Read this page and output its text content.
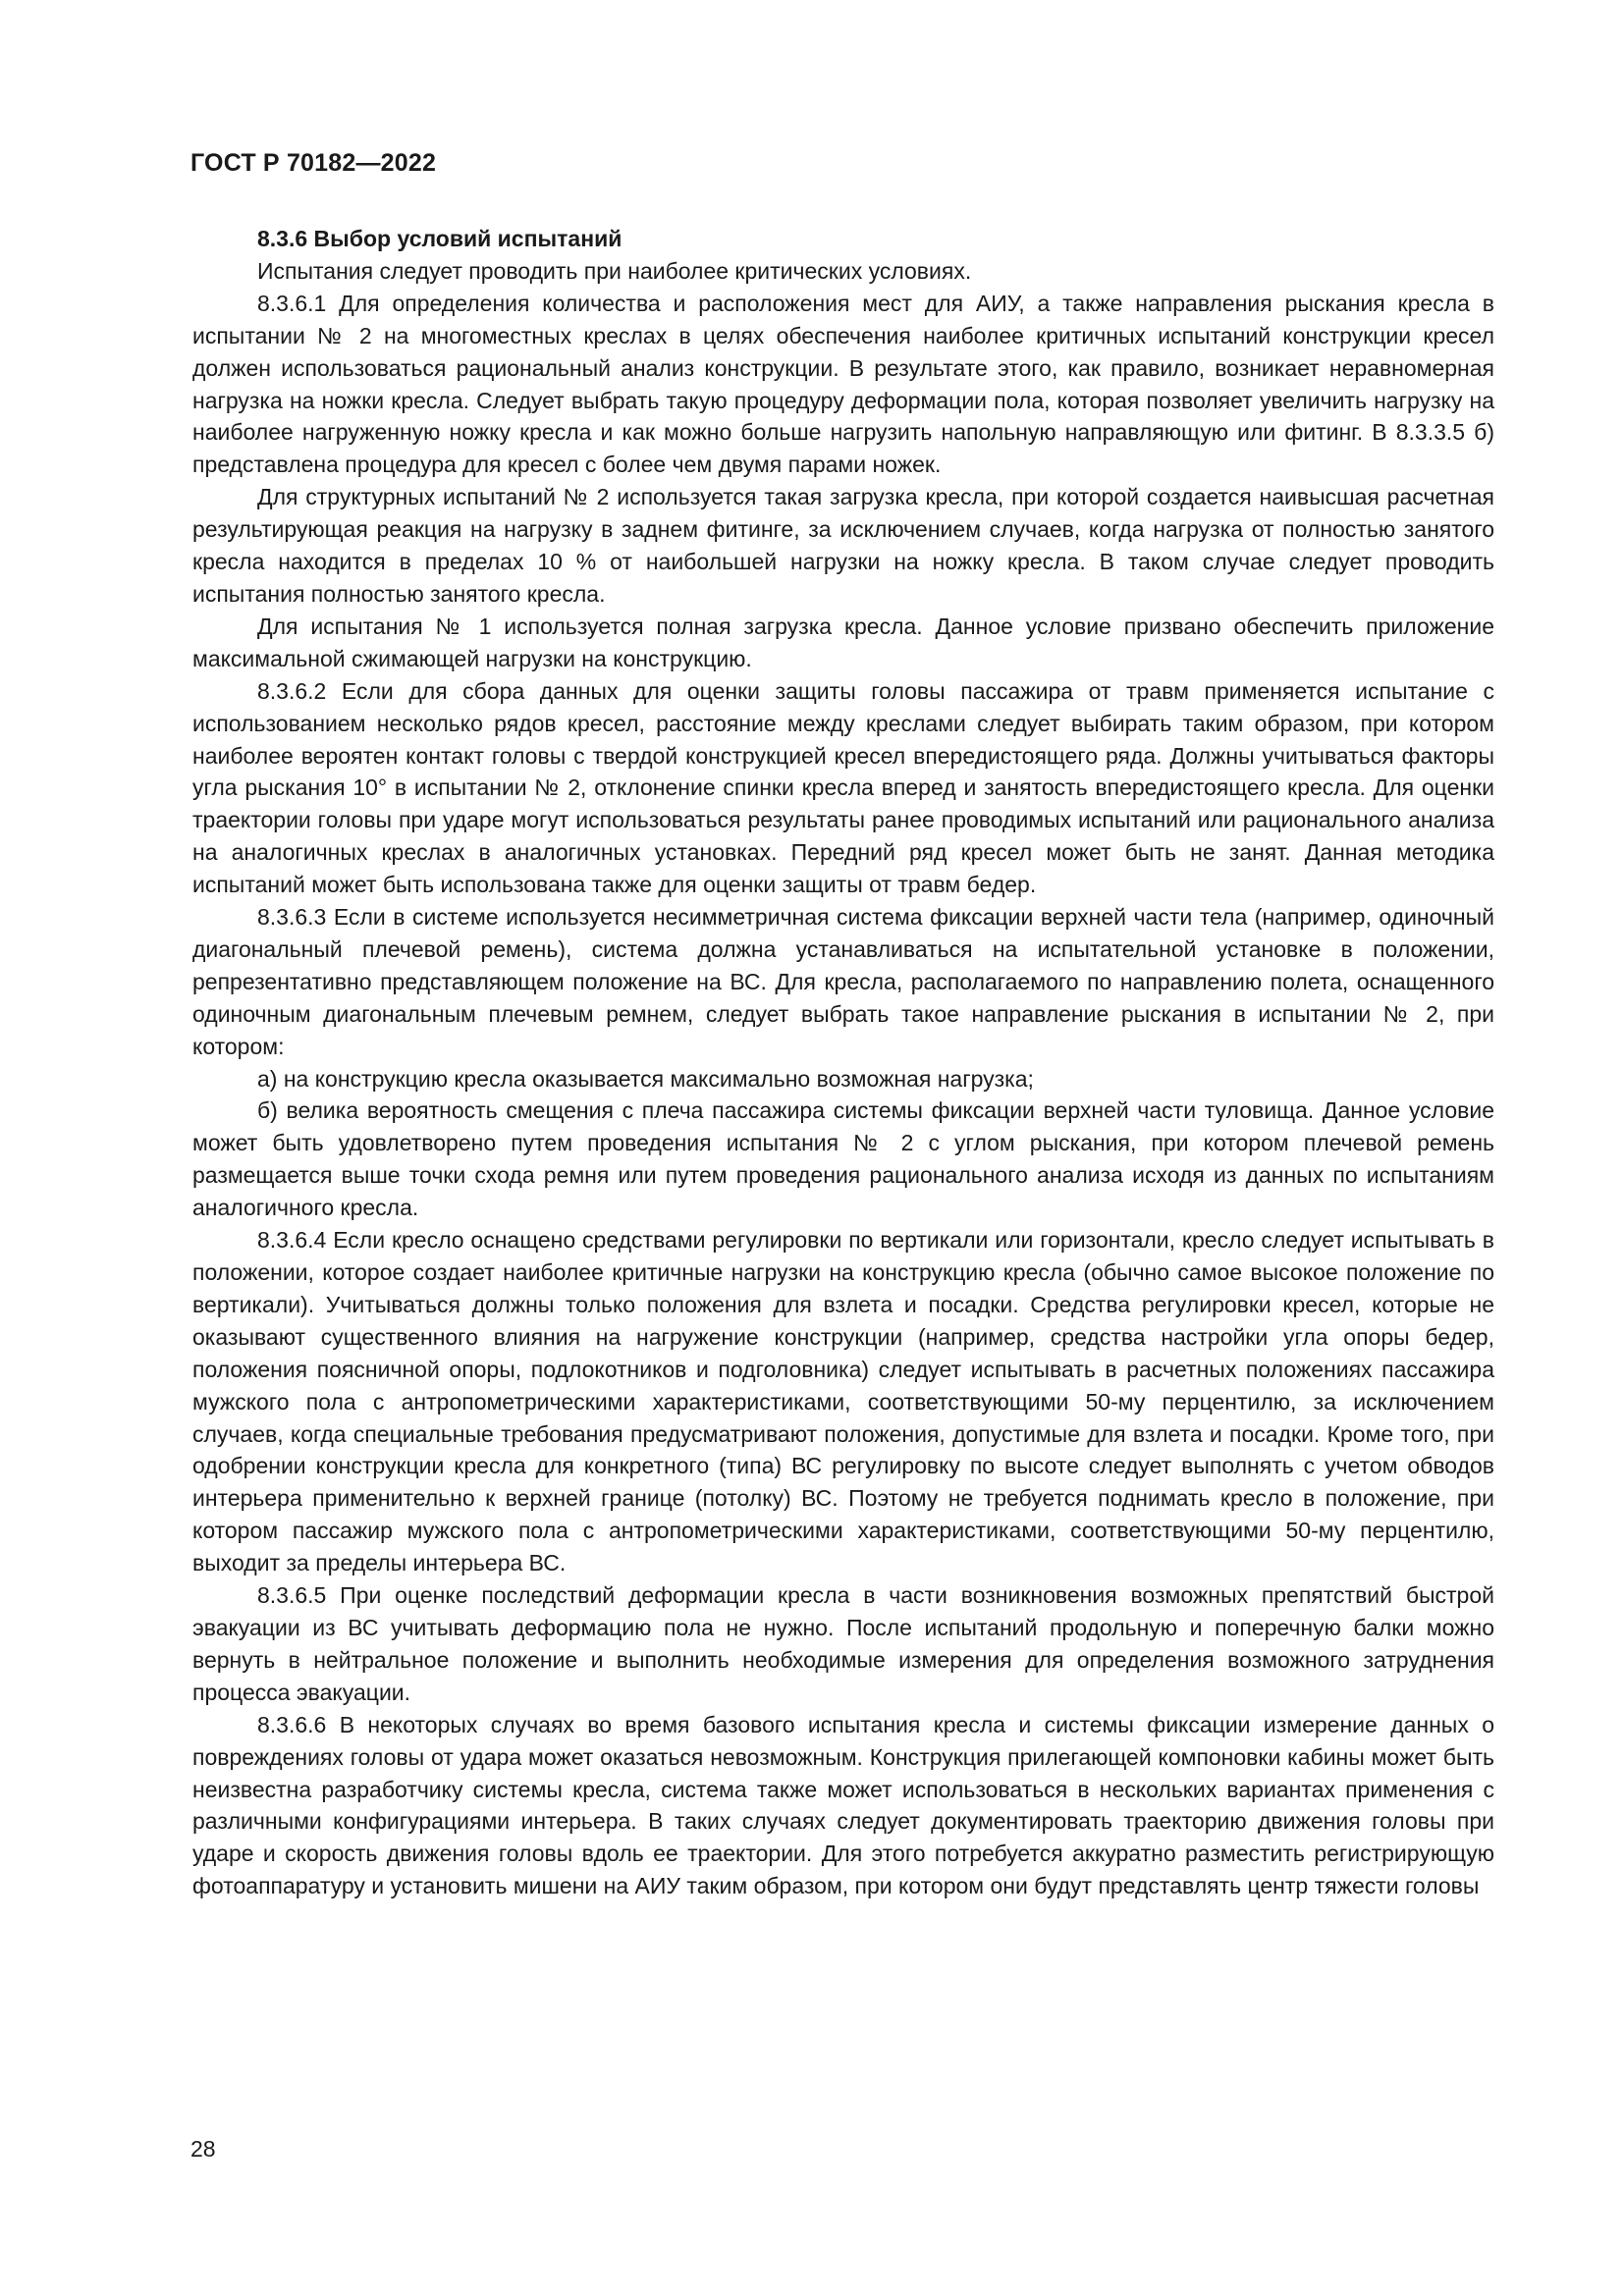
ГОСТ Р 70182—2022

8.3.6 Выбор условий испытаний

Испытания следует проводить при наиболее критических условиях.

8.3.6.1 Для определения количества и расположения мест для АИУ, а также направления рыскания кресла в испытании № 2 на многоместных креслах в целях обеспечения наиболее критичных испытаний конструкции кресел должен использоваться рациональный анализ конструкции. В результате этого, как правило, возникает неравномерная нагрузка на ножки кресла. Следует выбрать такую процедуру деформации пола, которая позволяет увеличить нагрузку на наиболее нагруженную ножку кресла и как можно больше нагрузить напольную направляющую или фитинг. В 8.3.3.5 б) представлена процедура для кресел с более чем двумя парами ножек.

Для структурных испытаний № 2 используется такая загрузка кресла, при которой создается наивысшая расчетная результирующая реакция на нагрузку в заднем фитинге, за исключением случаев, когда нагрузка от полностью занятого кресла находится в пределах 10 % от наибольшей нагрузки на ножку кресла. В таком случае следует проводить испытания полностью занятого кресла.

Для испытания № 1 используется полная загрузка кресла. Данное условие призвано обеспечить приложение максимальной сжимающей нагрузки на конструкцию.

8.3.6.2 Если для сбора данных для оценки защиты головы пассажира от травм применяется испытание с использованием несколько рядов кресел, расстояние между креслами следует выбирать таким образом, при котором наиболее вероятен контакт головы с твердой конструкцией кресел впередистоящего ряда. Должны учитываться факторы угла рыскания 10° в испытании № 2, отклонение спинки кресла вперед и занятость впередистоящего кресла. Для оценки траектории головы при ударе могут использоваться результаты ранее проводимых испытаний или рационального анализа на аналогичных креслах в аналогичных установках. Передний ряд кресел может быть не занят. Данная методика испытаний может быть использована также для оценки защиты от травм бедер.

8.3.6.3 Если в системе используется несимметричная система фиксации верхней части тела (например, одиночный диагональный плечевой ремень), система должна устанавливаться на испытательной установке в положении, репрезентативно представляющем положение на ВС. Для кресла, располагаемого по направлению полета, оснащенного одиночным диагональным плечевым ремнем, следует выбрать такое направление рыскания в испытании № 2, при котором:

а) на конструкцию кресла оказывается максимально возможная нагрузка;

б) велика вероятность смещения с плеча пассажира системы фиксации верхней части туловища. Данное условие может быть удовлетворено путем проведения испытания № 2 с углом рыскания, при котором плечевой ремень размещается выше точки схода ремня или путем проведения рационального анализа исходя из данных по испытаниям аналогичного кресла.

8.3.6.4 Если кресло оснащено средствами регулировки по вертикали или горизонтали, кресло следует испытывать в положении, которое создает наиболее критичные нагрузки на конструкцию кресла (обычно самое высокое положение по вертикали). Учитываться должны только положения для взлета и посадки. Средства регулировки кресел, которые не оказывают существенного влияния на нагружение конструкции (например, средства настройки угла опоры бедер, положения поясничной опоры, подлокотников и подголовника) следует испытывать в расчетных положениях пассажира мужского пола с антропометрическими характеристиками, соответствующими 50-му перцентилю, за исключением случаев, когда специальные требования предусматривают положения, допустимые для взлета и посадки. Кроме того, при одобрении конструкции кресла для конкретного (типа) ВС регулировку по высоте следует выполнять с учетом обводов интерьера применительно к верхней границе (потолку) ВС. Поэтому не требуется поднимать кресло в положение, при котором пассажир мужского пола с антропометрическими характеристиками, соответствующими 50-му перцентилю, выходит за пределы интерьера ВС.

8.3.6.5 При оценке последствий деформации кресла в части возникновения возможных препятствий быстрой эвакуации из ВС учитывать деформацию пола не нужно. После испытаний продольную и поперечную балки можно вернуть в нейтральное положение и выполнить необходимые измерения для определения возможного затруднения процесса эвакуации.

8.3.6.6 В некоторых случаях во время базового испытания кресла и системы фиксации измерение данных о повреждениях головы от удара может оказаться невозможным. Конструкция прилегающей компоновки кабины может быть неизвестна разработчику системы кресла, система также может использоваться в нескольких вариантах применения с различными конфигурациями интерьера. В таких случаях следует документировать траекторию движения головы при ударе и скорость движения головы вдоль ее траектории. Для этого потребуется аккуратно разместить регистрирующую фотоаппаратуру и установить мишени на АИУ таким образом, при котором они будут представлять центр тяжести головы

28
